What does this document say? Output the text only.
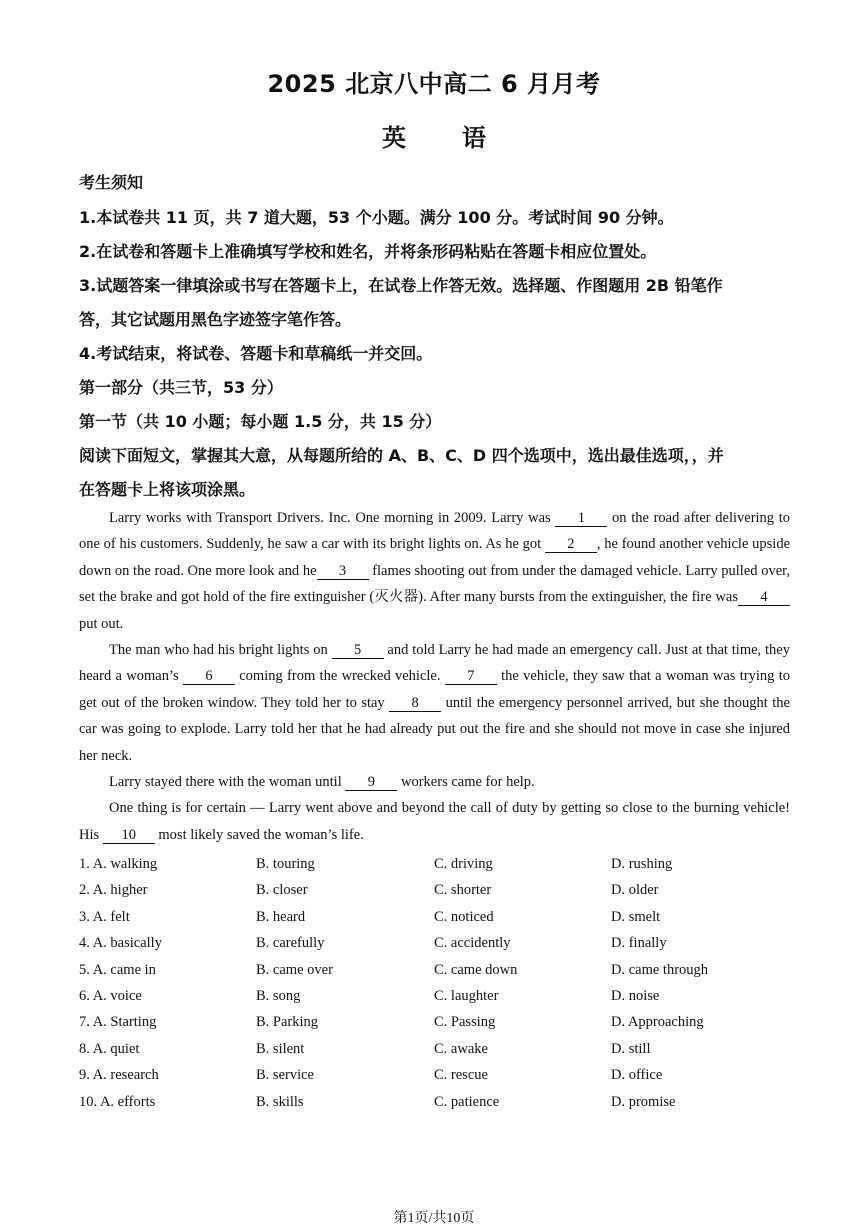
2025 北京八中高二 6 月月考
英 语
考生须知
1.本试卷共 11 页，共 7 道大题，53 个小题。满分 100 分。考试时间 90 分钟。
2.在试卷和答题卡上准确填写学校和姓名，并将条形码粘贴在答题卡相应位置处。
3.试题答案一律填涂或书写在答题卡上，在试卷上作答无效。选择题、作图题用 2B 铅笔作
答，其它试题用黑色字迹签字笔作答。
4.考试结束，将试卷、答题卡和草稿纸一并交回。
第一部分（共三节，53 分）
第一节（共 10 小题；每小题 1.5 分，共 15 分）
阅读下面短文，掌握其大意，从每题所给的 A、B、C、D 四个选项中，选出最佳选项，，并
在答题卡上将该项涂黑。

Larry works with Transport Drivers. Inc. One morning in 2009. Larry was 1 on the road after delivering to one of his customers. Suddenly, he saw a car with its bright lights on. As he got 2 , he found another vehicle upside down on the road. One more look and he 3 flames shooting out from under the damaged vehicle. Larry pulled over, set the brake and got hold of the fire extinguisher (灭火器). After many bursts from the extinguisher, the fire was 4 put out.

The man who had his bright lights on 5 and told Larry he had made an emergency call. Just at that time, they heard a woman’s 6 coming from the wrecked vehicle. 7 the vehicle, they saw that a woman was trying to get out of the broken window. They told her to stay 8 until the emergency personnel arrived, but she thought the car was going to explode. Larry told her that he had already put out the fire and she should not move in case she injured her neck.

Larry stayed there with the woman until 9 workers came for help.

One thing is for certain — Larry went above and beyond the call of duty by getting so close to the burning vehicle! His 10 most likely saved the woman’s life.

1. A. walking	B. touring	C. driving	D. rushing
2. A. higher	B. closer	C. shorter	D. older
3. A. felt	B. heard	C. noticed	D. smelt
4. A. basically	B. carefully	C. accidently	D. finally
5. A. came in	B. came over	C. came down	D. came through
6. A. voice	B. song	C. laughter	D. noise
7. A. Starting	B. Parking	C. Passing	D. Approaching
8. A. quiet	B. silent	C. awake	D. still
9. A. research	B. service	C. rescue	D. office
10. A. efforts	B. skills	C. patience	D. promise
第1页/共10页
